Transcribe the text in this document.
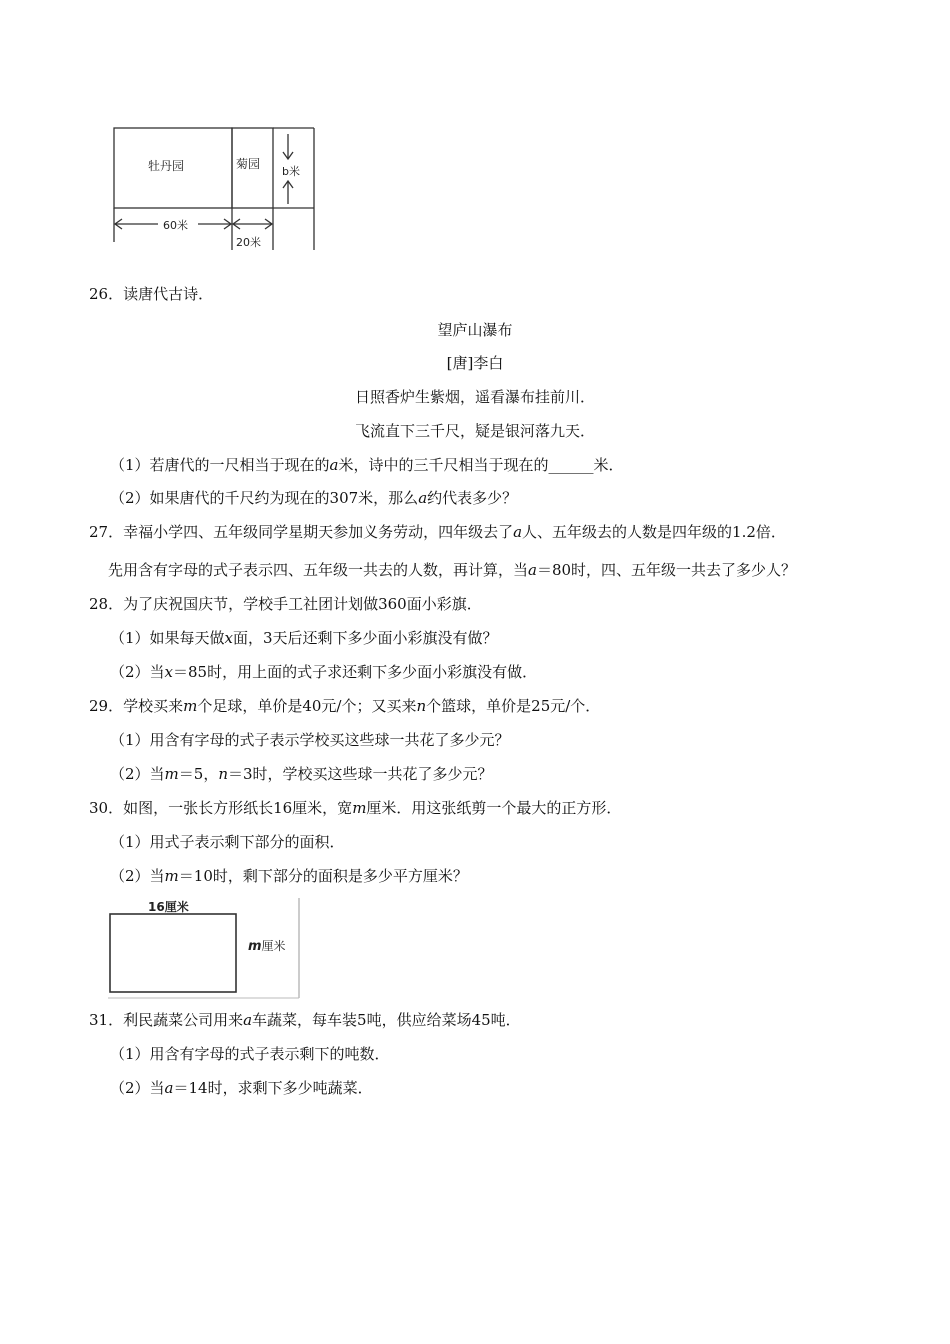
牡丹园	菊园
b米
60米
20米
26．读唐代古诗．
望庐山瀑布
[唐]李白
日照香炉生紫烟，遥看瀑布挂前川．
飞流直下三千尺，疑是银河落九天．
（1）若唐代的一尺相当于现在的a米，诗中的三千尺相当于现在的______米．
（2）如果唐代的千尺约为现在的307米，那么a约代表多少？
27．幸福小学四、五年级同学星期天参加义务劳动，四年级去了a人、五年级去的人数是四年级的1.2倍．
先用含有字母的式子表示四、五年级一共去的人数，再计算，当a＝80时，四、五年级一共去了多少人？
28．为了庆祝国庆节，学校手工社团计划做360面小彩旗．
（1）如果每天做x面，3天后还剩下多少面小彩旗没有做？
（2）当x＝85时，用上面的式子求还剩下多少面小彩旗没有做．
29．学校买来m个足球，单价是40元/个；又买来n个篮球，单价是25元/个．
（1）用含有字母的式子表示学校买这些球一共花了多少元？
（2）当m＝5，n＝3时，学校买这些球一共花了多少元？
30．如图，一张长方形纸长16厘米，宽m厘米．用这张纸剪一个最大的正方形．
（1）用式子表示剩下部分的面积．
（2）当m＝10时，剩下部分的面积是多少平方厘米？
16厘米
m厘米
31．利民蔬菜公司用来a车蔬菜，每车装5吨，供应给菜场45吨．
（1）用含有字母的式子表示剩下的吨数．
（2）当a＝14时，求剩下多少吨蔬菜．
